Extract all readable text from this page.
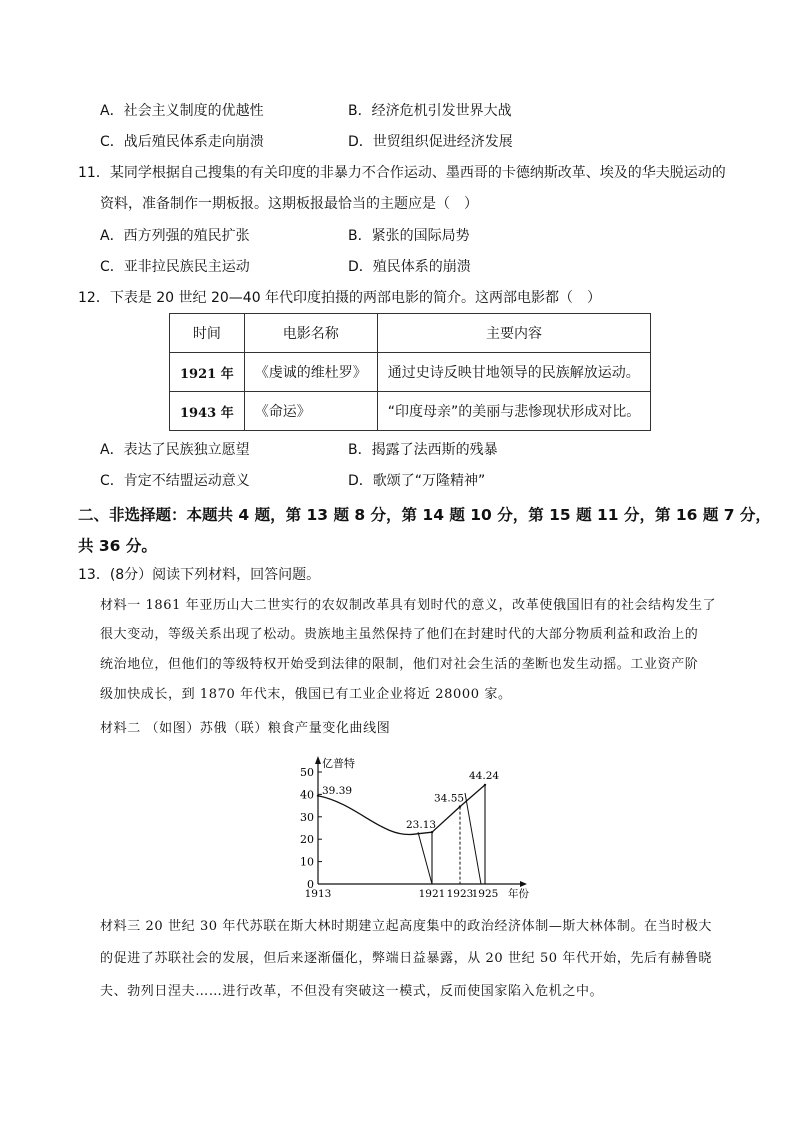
A．社会主义制度的优越性	B．经济危机引发世界大战
C．战后殖民体系走向崩溃	D．世贸组织促进经济发展
11．某同学根据自己搜集的有关印度的非暴力不合作运动、墨西哥的卡德纳斯改革、埃及的华夫脱运动的
资料，准备制作一期板报。这期板报最恰当的主题应是（　）
A．西方列强的殖民扩张	B．紧张的国际局势
C．亚非拉民族民主运动	D．殖民体系的崩溃
12．下表是 20 世纪 20—40 年代印度拍摄的两部电影的简介。这两部电影都（　）
时间	电影名称	主要内容
1921 年	《虔诚的维杜罗》	通过史诗反映甘地领导的民族解放运动。
1943 年	《命运》	“印度母亲”的美丽与悲惨现状形成对比。
A．表达了民族独立愿望	B．揭露了法西斯的残暴
C．肯定不结盟运动意义	D．歌颂了“万隆精神”
二、非选择题：本题共 4 题，第 13 题 8 分，第 14 题 10 分，第 15 题 11 分，第 16 题 7 分，
共 36 分。
13．(8分）阅读下列材料，回答问题。
材料一 1861 年亚历山大二世实行的农奴制改革具有划时代的意义，改革使俄国旧有的社会结构发生了
很大变动，等级关系出现了松动。贵族地主虽然保持了他们在封建时代的大部分物质利益和政治上的
统治地位，但他们的等级特权开始受到法律的限制，他们对社会生活的垄断也发生动摇。工业资产阶
级加快成长，到 1870 年代末，俄国已有工业企业将近 28000 家。
材料二 （如图）苏俄（联）粮食产量变化曲线图
0
10
20
30
40
50
亿普特
1913	1921 1923
1925 年份
39.39
23.13
34.55
44.24
材料三 20 世纪 30 年代苏联在斯大林时期建立起高度集中的政治经济体制—斯大林体制。在当时极大
的促进了苏联社会的发展，但后来逐渐僵化，弊端日益暴露，从 20 世纪 50 年代开始，先后有赫鲁晓
夫、勃列日涅夫……进行改革，不但没有突破这一模式，反而使国家陷入危机之中。
